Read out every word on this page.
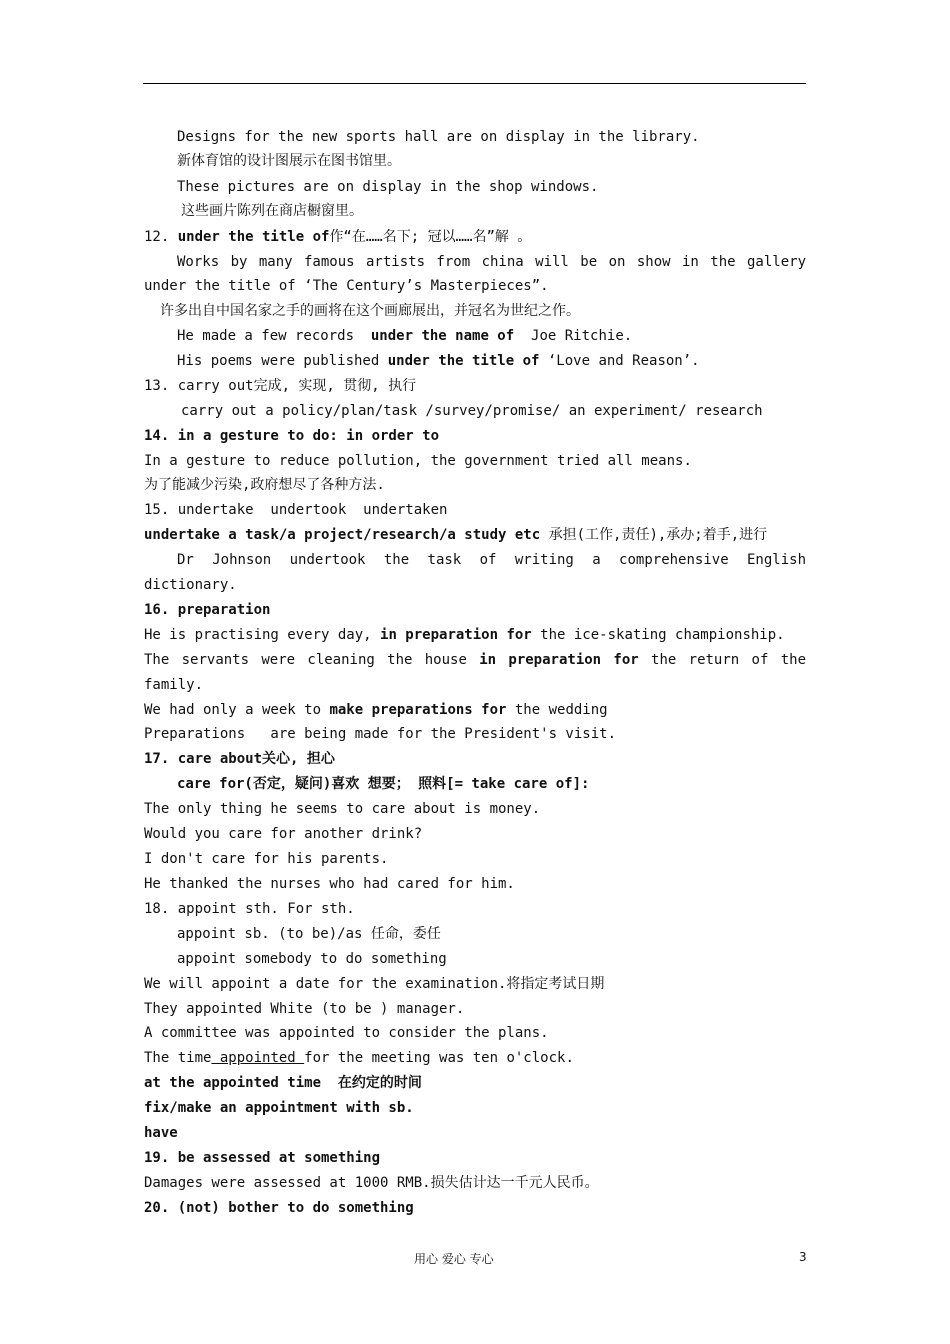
Designs for the new sports hall are on display in the library.
新体育馆的设计图展示在图书馆里。
These pictures are on display in the shop windows.
这些画片陈列在商店橱窗里。
12. under the title of作“在……名下; 冠以……名”解 。
Works by many famous artists from china will be on show in the gallery
under the title of ‘The Century’s Masterpieces”.
许多出自中国名家之手的画将在这个画廊展出，并冠名为世纪之作。
He made a few records  under the name of  Joe Ritchie.
His poems were published under the title of ‘Love and Reason’.
13. carry out完成, 实现, 贯彻, 执行
carry out a policy/plan/task /survey/promise/ an experiment/ research
14. in a gesture to do: in order to
In a gesture to reduce pollution, the government tried all means.
为了能减少污染,政府想尽了各种方法.
15. undertake  undertook  undertaken
undertake a task/a project/research/a study etc 承担(工作,责任),承办;着手,进行
Dr Johnson undertook the task of writing a comprehensive English
dictionary.
16. preparation
He is practising every day, in preparation for the ice-skating championship.
The servants were cleaning the house in preparation for the return of the
family.
We had only a week to make preparations for the wedding
Preparations   are being made for the President's visit.
17. care about关心, 担心
care for(否定，疑问)喜欢 想要； 照料[= take care of]:
The only thing he seems to care about is money.
Would you care for another drink?
I don't care for his parents.
He thanked the nurses who had cared for him.
18. appoint sth. For sth.
appoint sb. (to be)/as 任命，委任
appoint somebody to do something
We will appoint a date for the examination.将指定考试日期
They appointed White (to be ) manager.
A committee was appointed to consider the plans.
The time appointed for the meeting was ten o'clock.
at the appointed time  在约定的时间
fix/make an appointment with sb.
have
19. be assessed at something
Damages were assessed at 1000 RMB.损失估计达一千元人民币。
20. (not) bother to do something
用心 爱心 专心	3
